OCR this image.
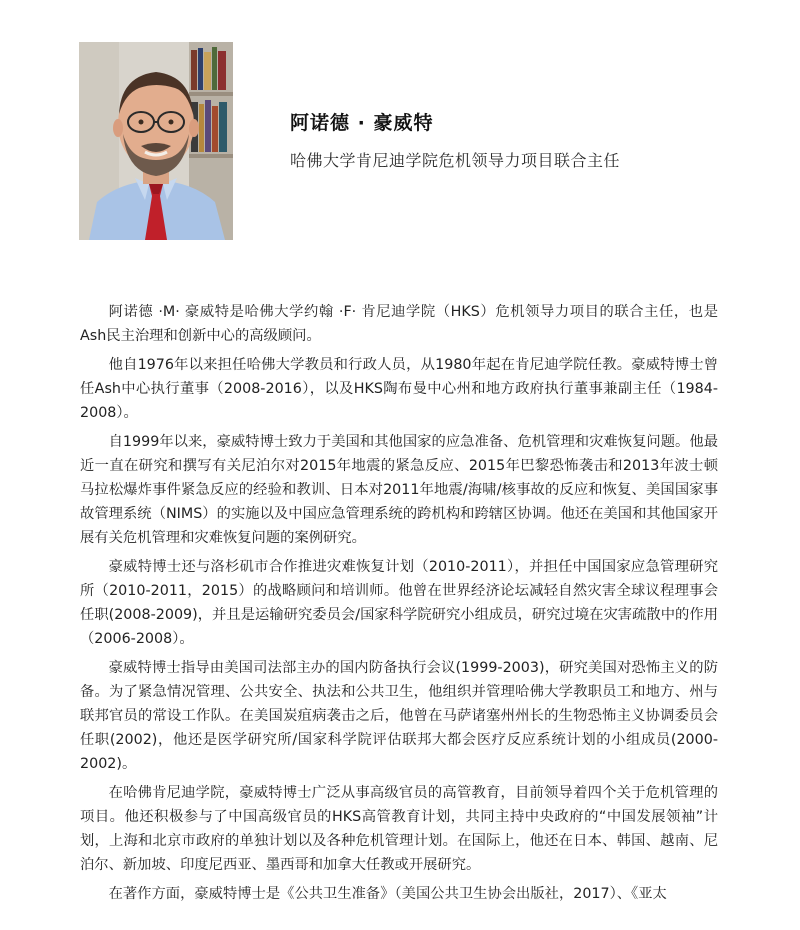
阿诺德 · 豪威特
哈佛大学肯尼迪学院危机领导力项目联合主任

阿诺德 ·M· 豪威特是哈佛大学约翰 ·F· 肯尼迪学院（HKS）危机领导力项目的联合主任，也是Ash民主治理和创新中心的高级顾问。

他自1976年以来担任哈佛大学教员和行政人员，从1980年起在肯尼迪学院任教。豪威特博士曾任Ash中心执行董事（2008-2016），以及HKS陶布曼中心州和地方政府执行董事兼副主任（1984-2008）。

自1999年以来，豪威特博士致力于美国和其他国家的应急准备、危机管理和灾难恢复问题。他最近一直在研究和撰写有关尼泊尔对2015年地震的紧急反应、2015年巴黎恐怖袭击和2013年波士顿马拉松爆炸事件紧急反应的经验和教训、日本对2011年地震/海啸/核事故的反应和恢复、美国国家事故管理系统（NIMS）的实施以及中国应急管理系统的跨机构和跨辖区协调。他还在美国和其他国家开展有关危机管理和灾难恢复问题的案例研究。

豪威特博士还与洛杉矶市合作推进灾难恢复计划（2010-2011），并担任中国国家应急管理研究所（2010-2011，2015）的战略顾问和培训师。他曾在世界经济论坛减轻自然灾害全球议程理事会任职(2008-2009)，并且是运输研究委员会/国家科学院研究小组成员，研究过境在灾害疏散中的作用（2006-2008）。

豪威特博士指导由美国司法部主办的国内防备执行会议(1999-2003)，研究美国对恐怖主义的防备。为了紧急情况管理、公共安全、执法和公共卫生，他组织并管理哈佛大学教职员工和地方、州与联邦官员的常设工作队。在美国炭疽病袭击之后，他曾在马萨诸塞州州长的生物恐怖主义协调委员会任职(2002)，他还是医学研究所/国家科学院评估联邦大都会医疗反应系统计划的小组成员(2000-2002)。

在哈佛肯尼迪学院，豪威特博士广泛从事高级官员的高管教育，目前领导着四个关于危机管理的项目。他还积极参与了中国高级官员的HKS高管教育计划，共同主持中央政府的“中国发展领袖”计划，上海和北京市政府的单独计划以及各种危机管理计划。在国际上，他还在日本、韩国、越南、尼泊尔、新加坡、印度尼西亚、墨西哥和加拿大任教或开展研究。

在著作方面，豪威特博士是《公共卫生准备》（美国公共卫生协会出版社，2017）、《亚太
